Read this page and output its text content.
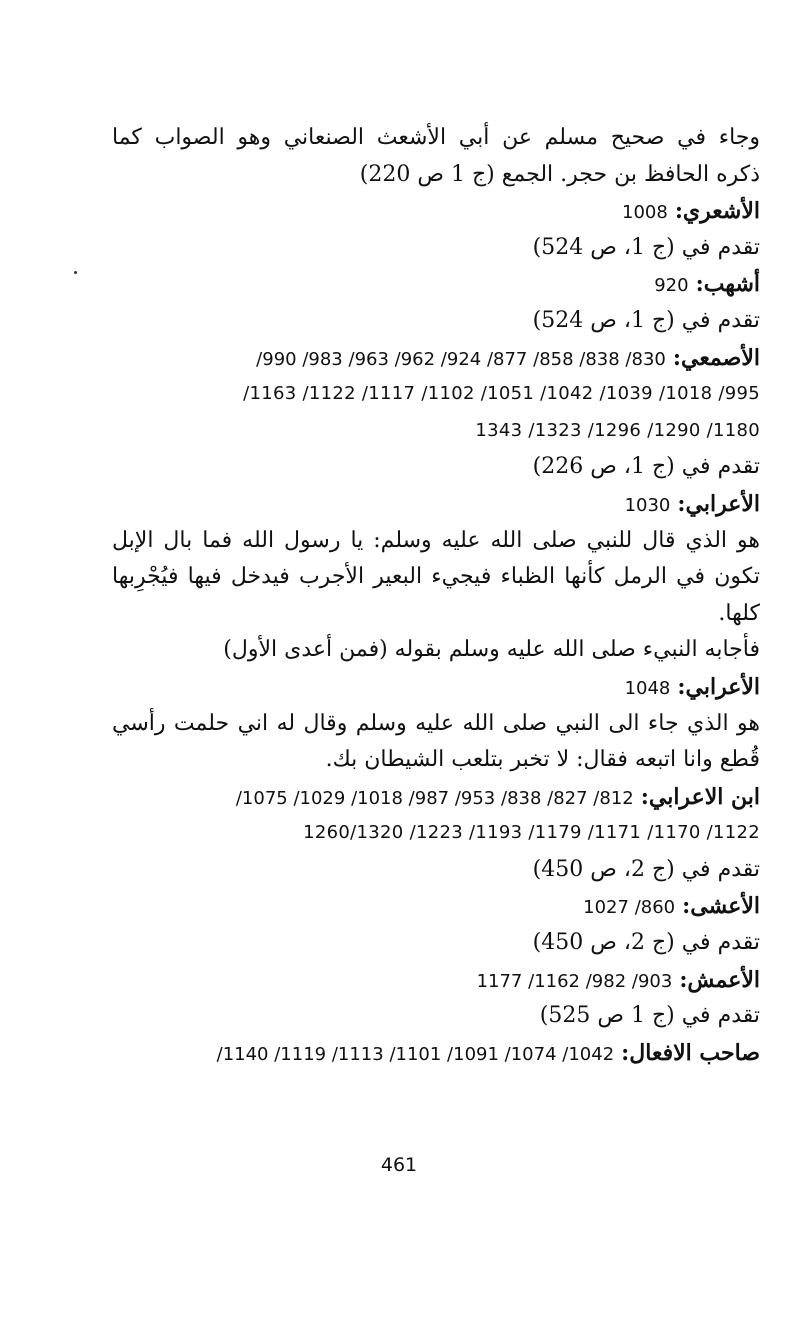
وجاء في صحيح مسلم عن أبي الأشعث الصنعاني وهو الصواب كما
ذكره الحافظ بن حجر. الجمع (ج 1 ص 220)
الأشعري: 1008
تقدم في (ج 1، ص 524)
أشهب: 920
تقدم في (ج 1، ص 524)
الأصمعي: 830/ 838/ 858/ 877/ 924/ 962/ 963/ 983/ 990/
995/ 1018/ 1039/ 1042/ 1051/ 1102/ 1117/ 1122/ 1163/
1180/ 1290/ 1296/ 1323/ 1343
تقدم في (ج 1، ص 226)
الأعرابي: 1030
هو الذي قال للنبي صلى الله عليه وسلم: يا رسول الله فما بال الإبل
تكون في الرمل كأنها الظباء فيجيء البعير الأجرب فيدخل فيها فيُجْرِبها
كلها.
فأجابه النبيء صلى الله عليه وسلم بقوله (فمن أعدى الأول)
الأعرابي: 1048
هو الذي جاء الى النبي صلى الله عليه وسلم وقال له اني حلمت رأسي
قُطع وانا اتبعه فقال: لا تخبر بتلعب الشيطان بك.
ابن الاعرابي: 812/ 827/ 838/ 953/ 987/ 1018/ 1029/ 1075/
1122/ 1170/ 1171/ 1179/ 1193/ 1223/ 1260/1320
تقدم في (ج 2، ص 450)
الأعشى: 860/ 1027
تقدم في (ج 2، ص 450)
الأعمش: 903/ 982/ 1162/ 1177
تقدم في (ج 1 ص 525)
صاحب الافعال: 1042/ 1074/ 1091/ 1101/ 1113/ 1119/ 1140/
461
